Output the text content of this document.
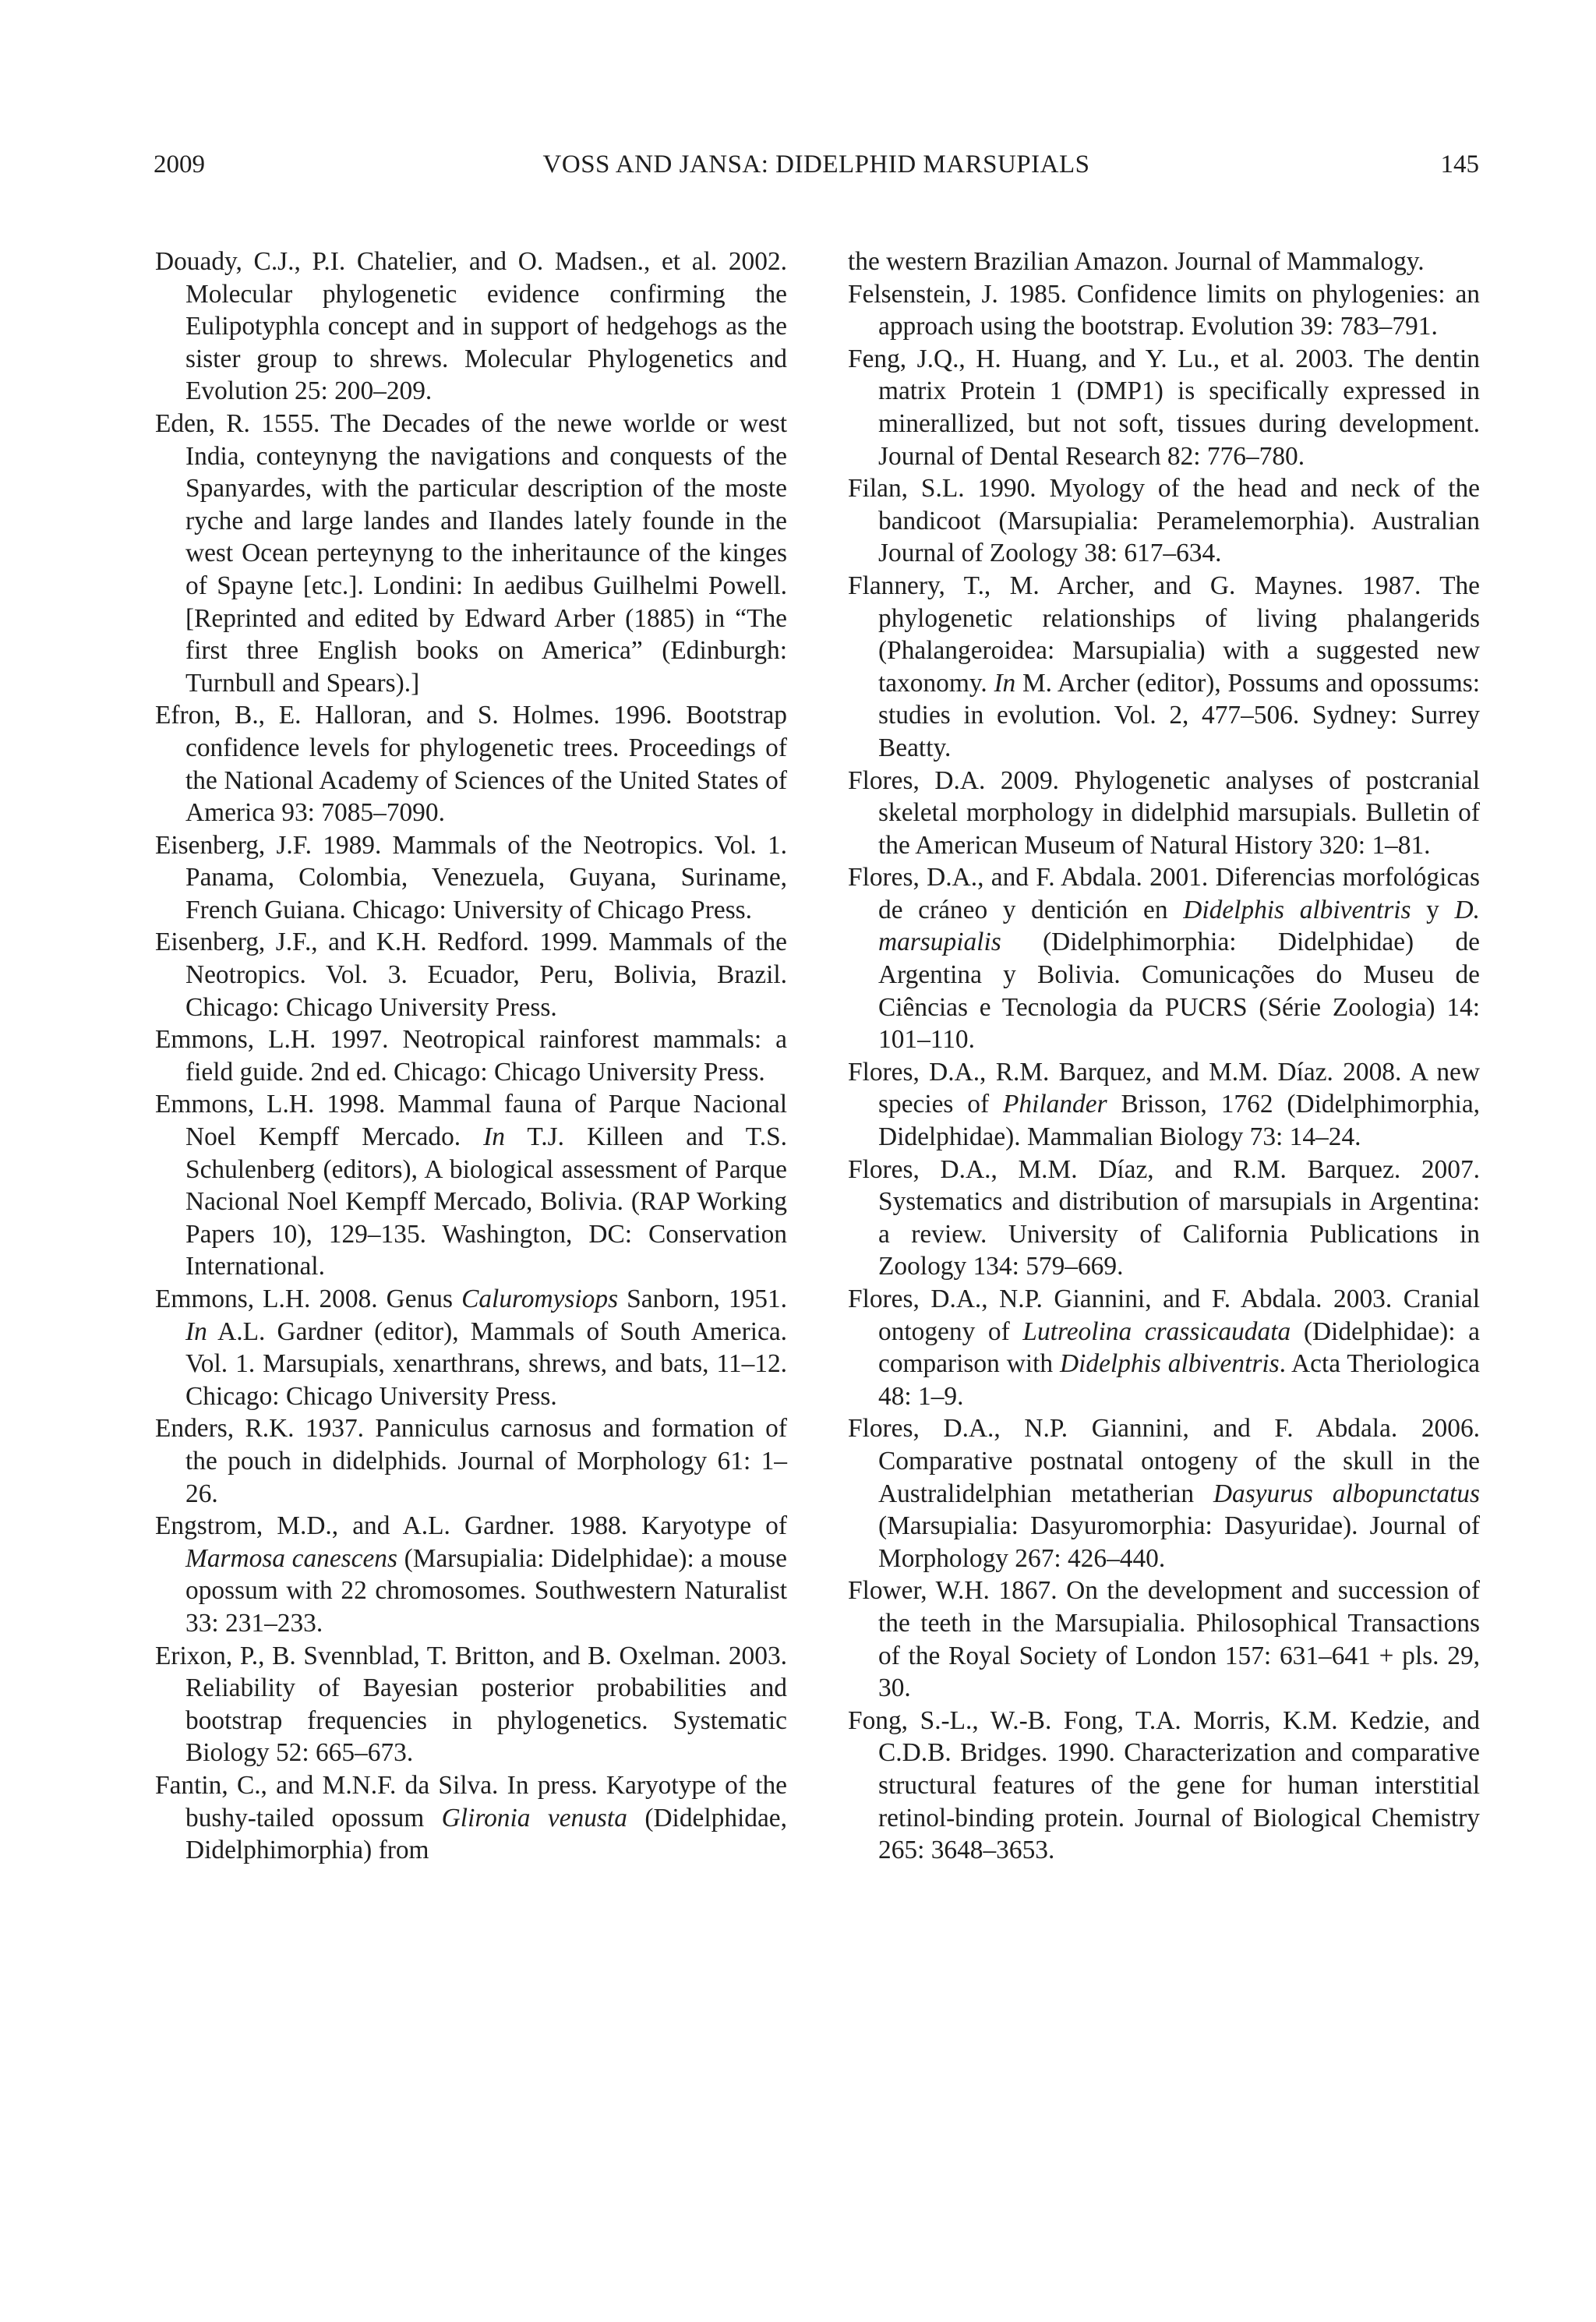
2009	VOSS AND JANSA: DIDELPHID MARSUPIALS	145

Douady, C.J., P.I. Chatelier, and O. Madsen., et al. 2002. Molecular phylogenetic evidence confirming the Eulipotyphla concept and in support of hedgehogs as the sister group to shrews. Molecular Phylogenetics and Evolution 25: 200–209.

Eden, R. 1555. The Decades of the newe worlde or west India, conteynyng the navigations and conquests of the Spanyardes, with the particular description of the moste ryche and large landes and Ilandes lately founde in the west Ocean perteynyng to the inheritaunce of the kinges of Spayne [etc.]. Londini: In aedibus Guilhelmi Powell. [Reprinted and edited by Edward Arber (1885) in “The first three English books on America” (Edinburgh: Turnbull and Spears).]

Efron, B., E. Halloran, and S. Holmes. 1996. Bootstrap confidence levels for phylogenetic trees. Proceedings of the National Academy of Sciences of the United States of America 93: 7085–7090.

Eisenberg, J.F. 1989. Mammals of the Neotropics. Vol. 1. Panama, Colombia, Venezuela, Guyana, Suriname, French Guiana. Chicago: University of Chicago Press.

Eisenberg, J.F., and K.H. Redford. 1999. Mammals of the Neotropics. Vol. 3. Ecuador, Peru, Bolivia, Brazil. Chicago: Chicago University Press.

Emmons, L.H. 1997. Neotropical rainforest mammals: a field guide. 2nd ed. Chicago: Chicago University Press.

Emmons, L.H. 1998. Mammal fauna of Parque Nacional Noel Kempff Mercado. In T.J. Killeen and T.S. Schulenberg (editors), A biological assessment of Parque Nacional Noel Kempff Mercado, Bolivia. (RAP Working Papers 10), 129–135. Washington, DC: Conservation International.

Emmons, L.H. 2008. Genus Caluromysiops Sanborn, 1951. In A.L. Gardner (editor), Mammals of South America. Vol. 1. Marsupials, xenarthrans, shrews, and bats, 11–12. Chicago: Chicago University Press.

Enders, R.K. 1937. Panniculus carnosus and formation of the pouch in didelphids. Journal of Morphology 61: 1–26.

Engstrom, M.D., and A.L. Gardner. 1988. Karyotype of Marmosa canescens (Marsupialia: Didelphidae): a mouse opossum with 22 chromosomes. Southwestern Naturalist 33: 231–233.

Erixon, P., B. Svennblad, T. Britton, and B. Oxelman. 2003. Reliability of Bayesian posterior probabilities and bootstrap frequencies in phylogenetics. Systematic Biology 52: 665–673.

Fantin, C., and M.N.F. da Silva. In press. Karyotype of the bushy-tailed opossum Glironia venusta (Didelphidae, Didelphimorphia) from

the western Brazilian Amazon. Journal of Mammalogy.

Felsenstein, J. 1985. Confidence limits on phylogenies: an approach using the bootstrap. Evolution 39: 783–791.

Feng, J.Q., H. Huang, and Y. Lu., et al. 2003. The dentin matrix Protein 1 (DMP1) is specifically expressed in minerallized, but not soft, tissues during development. Journal of Dental Research 82: 776–780.

Filan, S.L. 1990. Myology of the head and neck of the bandicoot (Marsupialia: Peramelemorphia). Australian Journal of Zoology 38: 617–634.

Flannery, T., M. Archer, and G. Maynes. 1987. The phylogenetic relationships of living phalangerids (Phalangeroidea: Marsupialia) with a suggested new taxonomy. In M. Archer (editor), Possums and opossums: studies in evolution. Vol. 2, 477–506. Sydney: Surrey Beatty.

Flores, D.A. 2009. Phylogenetic analyses of postcranial skeletal morphology in didelphid marsupials. Bulletin of the American Museum of Natural History 320: 1–81.

Flores, D.A., and F. Abdala. 2001. Diferencias morfológicas de cráneo y dentición en Didelphis albiventris y D. marsupialis (Didelphimorphia: Didelphidae) de Argentina y Bolivia. Comunicações do Museu de Ciências e Tecnologia da PUCRS (Série Zoologia) 14: 101–110.

Flores, D.A., R.M. Barquez, and M.M. Díaz. 2008. A new species of Philander Brisson, 1762 (Didelphimorphia, Didelphidae). Mammalian Biology 73: 14–24.

Flores, D.A., M.M. Díaz, and R.M. Barquez. 2007. Systematics and distribution of marsupials in Argentina: a review. University of California Publications in Zoology 134: 579–669.

Flores, D.A., N.P. Giannini, and F. Abdala. 2003. Cranial ontogeny of Lutreolina crassicaudata (Didelphidae): a comparison with Didelphis albiventris. Acta Theriologica 48: 1–9.

Flores, D.A., N.P. Giannini, and F. Abdala. 2006. Comparative postnatal ontogeny of the skull in the Australidelphian metatherian Dasyurus albopunctatus (Marsupialia: Dasyuromorphia: Dasyuridae). Journal of Morphology 267: 426–440.

Flower, W.H. 1867. On the development and succession of the teeth in the Marsupialia. Philosophical Transactions of the Royal Society of London 157: 631–641 + pls. 29, 30.

Fong, S.-L., W.-B. Fong, T.A. Morris, K.M. Kedzie, and C.D.B. Bridges. 1990. Characterization and comparative structural features of the gene for human interstitial retinol-binding protein. Journal of Biological Chemistry 265: 3648–3653.
